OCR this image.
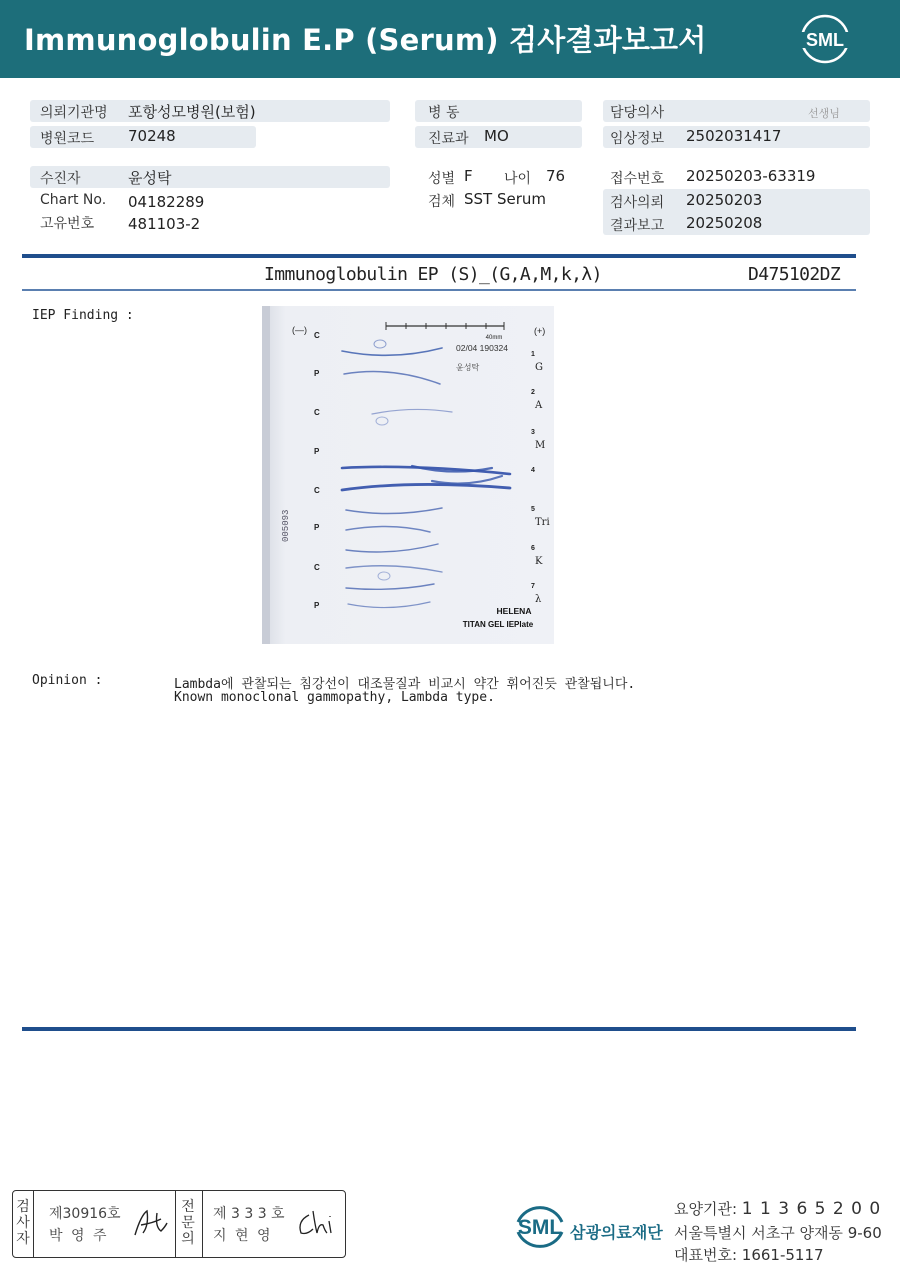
Immunoglobulin E.P (Serum) 검사결과보고서	SML
의뢰기관명 포항성모병원(보험)
병원코드 70248
수진자	윤성탁
Chart No. 04182289
고유번호 481103-2
병 동
진료과 MO
성별 F 나이 76
검체 SST Serum
담당의사	선생님
임상정보 2502031417
접수번호 20250203-63319
검사의뢰 20250203
결과보고 20250208
Immunoglobulin EP (S)_(G,A,M,k,λ)	D475102DZ
IEP Finding :
40mm
(—)	(+)
02/04 190324
윤성탁
005093
C
P
C
P
C
P
C
P
1
G
2
A
3
M
4
5
Tri
6
K
7
λ
HELENA
TITAN GEL IEPlate
Opinion :	Lambda에 관찰되는 침강선이 대조물질과 비교시 약간 휘어진듯 관찰됩니다.
Known monoclonal gammopathy, Lambda type.
검
사
자
제30916호
박 영 주
전
문
의
제 3 3 3 호
지 현 영	SML 삼광의료재단
요양기관: 1 1 3 6 5 2 0 0
서울특별시 서초구 양재동 9-60
대표번호: 1661-5117
